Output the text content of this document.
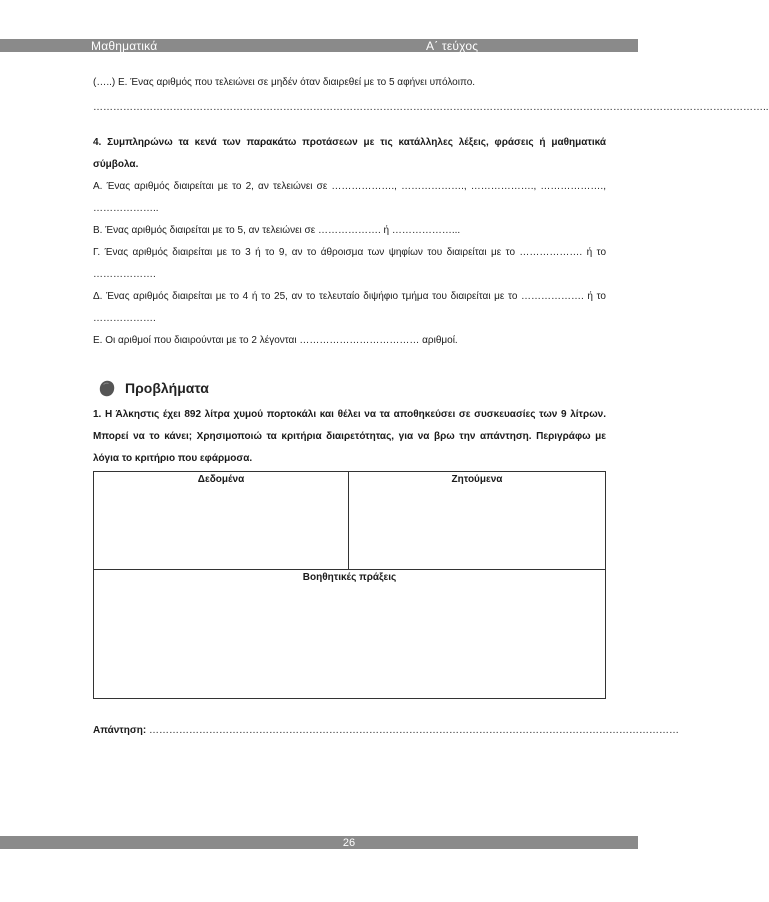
Μαθηματικά	Α΄ τεύχος
(…..) Ε. Ένας αριθμός που τελειώνει σε μηδέν όταν διαιρεθεί με το 5 αφήνει υπόλοιπο.
…………………………………………………………………………………………………………………………………………………………………………………..

4. Συμπληρώνω τα κενά των παρακάτω προτάσεων με τις κατάλληλες λέξεις, φράσεις ή μαθηματικά σύμβολα.

Α. Ένας αριθμός διαιρείται με το 2, αν τελειώνει σε ………………., ………………., ………………., ………………., ………………..

Β. Ένας αριθμός διαιρείται με το 5, αν τελειώνει σε ………………. ή ………………...

Γ. Ένας αριθμός διαιρείται με το 3 ή το 9, αν το άθροισμα των ψηφίων του διαιρείται με το ………………. ή το ……………….

Δ. Ένας αριθμός διαιρείται με το 4 ή το 25, αν το τελευταίο διψήφιο τμήμα του διαιρείται με το ………………. ή το ……………….

Ε. Οι αριθμοί που διαιρούνται με το 2 λέγονται ……………………………… αριθμοί.

Προβλήματα

1. Η Άλκηστις έχει 892 λίτρα χυμού πορτοκάλι και θέλει να τα αποθηκεύσει σε συσκευασίες των 9 λίτρων. Μπορεί να το κάνει; Χρησιμοποιώ τα κριτήρια διαιρετότητας, για να βρω την απάντηση. Περιγράφω με λόγια το κριτήριο που εφάρμοσα.

Δεδομένα	Ζητούμενα
Βοηθητικές πράξεις
Απάντηση: ……………………………………………………………………………………………………………………………………………
26
